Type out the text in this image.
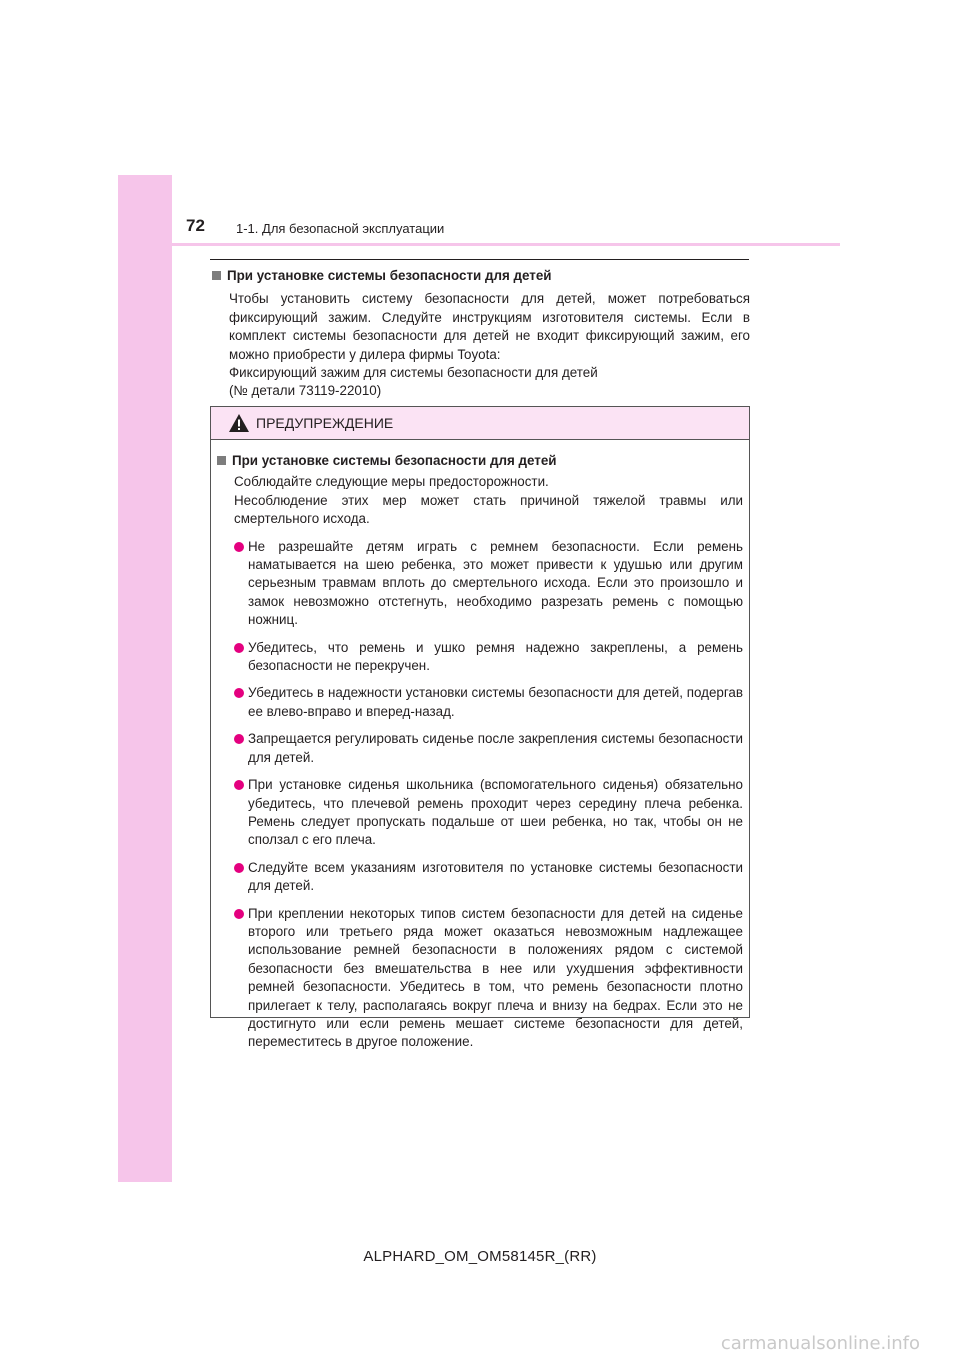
72 1-1. Для безопасной эксплуатации
При установке системы безопасности для детей

Чтобы установить систему безопасности для детей, может потребоваться фиксирующий зажим. Следуйте инструкциям изготовителя системы. Если в комплект системы безопасности для детей не входит фиксирующий зажим, его можно приобрести у дилера фирмы Toyota:

Фиксирующий зажим для системы безопасности для детей

(№ детали 73119-22010)

ПРЕДУПРЕЖДЕНИЕ
При установке системы безопасности для детей

Соблюдайте следующие меры предосторожности.

Несоблюдение этих мер может стать причиной тяжелой травмы или смертельного исхода.

Не разрешайте детям играть с ремнем безопасности. Если ремень наматывается на шею ребенка, это может привести к удушью или другим серьезным травмам вплоть до смертельного исхода. Если это произошло и замок невозможно отстегнуть, необходимо разрезать ремень с помощью ножниц.

Убедитесь, что ремень и ушко ремня надежно закреплены, а ремень безопасности не перекручен.

Убедитесь в надежности установки системы безопасности для детей, подергав ее влево-вправо и вперед-назад.

Запрещается регулировать сиденье после закрепления системы безопасности для детей.

При установке сиденья школьника (вспомогательного сиденья) обязательно убедитесь, что плечевой ремень проходит через середину плеча ребенка. Ремень следует пропускать подальше от шеи ребенка, но так, чтобы он не сползал с его плеча.

Следуйте всем указаниям изготовителя по установке системы безопасности для детей.

При креплении некоторых типов систем безопасности для детей на сиденье второго или третьего ряда может оказаться невозможным надлежащее использование ремней безопасности в положениях рядом с системой безопасности без вмешательства в нее или ухудшения эффективности ремней безопасности. Убедитесь в том, что ремень безопасности плотно прилегает к телу, располагаясь вокруг плеча и внизу на бедрах. Если это не достигнуто или если ремень мешает системе безопасности для детей, переместитесь в другое положение.

ALPHARD_OM_OM58145R_(RR)
carmanualsonline.info
